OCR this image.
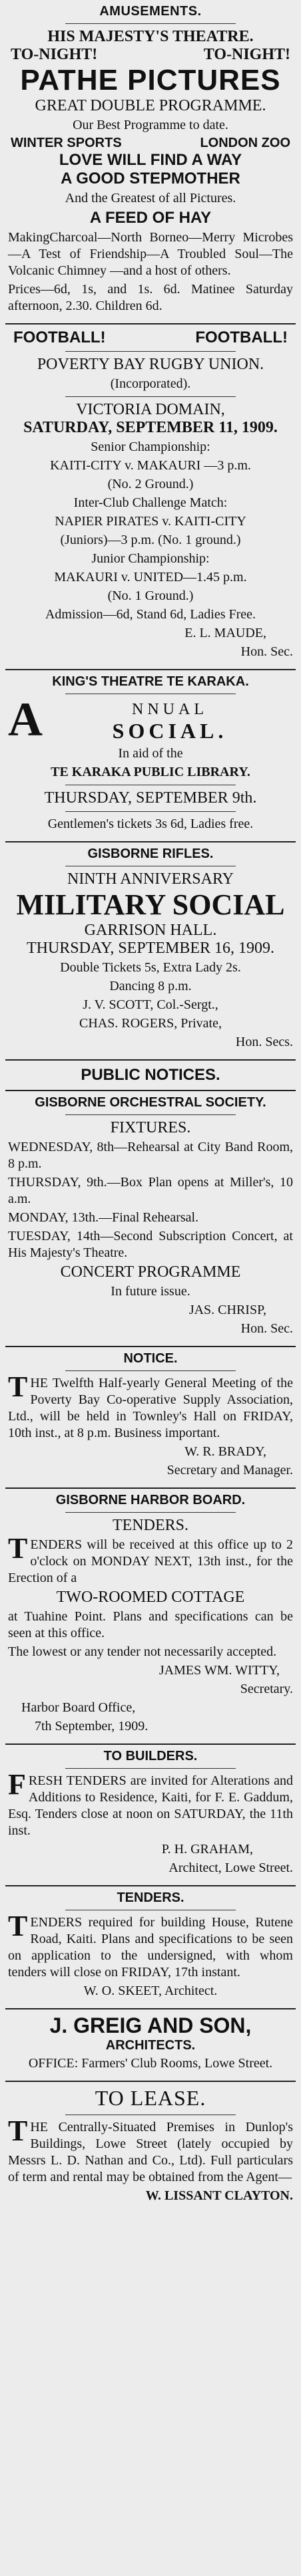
AMUSEMENTS.
HIS MAJESTY'S THEATRE.
TO-NIGHT!	TO-NIGHT!
PATHE PICTURES
GREAT DOUBLE PROGRAMME.
Our Best Programme to date.
WINTER SPORTS	LONDON ZOO
LOVE WILL FIND A WAY
A GOOD STEPMOTHER
And the Greatest of all Pictures.
A FEED OF HAY
MakingCharcoal—North Borneo—Merry Microbes—A Test of Friendship—A Troubled Soul—The Volcanic Chimney —and a host of others.
Prices—6d, 1s, and 1s. 6d. Matinee Saturday afternoon, 2.30. Children 6d.
FOOTBALL!	FOOTBALL!
POVERTY BAY RUGBY UNION.
(Incorporated).
VICTORIA DOMAIN,
SATURDAY, SEPTEMBER 11, 1909.
Senior Championship:
KAITI-CITY v. MAKAURI —3 p.m.
(No. 2 Ground.)
Inter-Club Challenge Match:
NAPIER PIRATES v. KAITI-CITY
(Juniors)—3 p.m. (No. 1 ground.)
Junior Championship:
MAKAURI v. UNITED—1.45 p.m.
(No. 1 Ground.)
Admission—6d, Stand 6d, Ladies Free.
E. L. MAUDE,
Hon. Sec.
KING'S THEATRE TE KARAKA.
A	NNUAL
SOCIAL.
In aid of the
TE KARAKA PUBLIC LIBRARY.
THURSDAY, SEPTEMBER 9th.
Gentlemen's tickets 3s 6d, Ladies free.
GISBORNE RIFLES.
NINTH ANNIVERSARY
MILITARY SOCIAL
GARRISON HALL.
THURSDAY, SEPTEMBER 16, 1909.
Double Tickets 5s, Extra Lady 2s.
Dancing 8 p.m.
J. V. SCOTT, Col.-Sergt.,
CHAS. ROGERS, Private,
Hon. Secs.
PUBLIC NOTICES.
GISBORNE ORCHESTRAL SOCIETY.
FIXTURES.
WEDNESDAY, 8th—Rehearsal at City Band Room, 8 p.m.
THURSDAY, 9th.—Box Plan opens at Miller's, 10 a.m.
MONDAY, 13th.—Final Rehearsal.
TUESDAY, 14th—Second Subscription Concert, at His Majesty's Theatre.
CONCERT PROGRAMME
In future issue.
JAS. CHRISP,
Hon. Sec.
NOTICE.
THE Twelfth Half-yearly General Meeting of the Poverty Bay Co-operative Supply Association, Ltd., will be held in Townley's Hall on FRIDAY, 10th inst., at 8 p.m. Business important.
W. R. BRADY,
Secretary and Manager.
GISBORNE HARBOR BOARD.
TENDERS.
TENDERS will be received at this office up to 2 o'clock on MONDAY NEXT, 13th inst., for the Erection of a
TWO-ROOMED COTTAGE
at Tuahine Point. Plans and specifications can be seen at this office.
The lowest or any tender not necessarily accepted.
JAMES WM. WITTY,
Secretary.
Harbor Board Office,
7th September, 1909.
TO BUILDERS.
FRESH TENDERS are invited for Alterations and Additions to Residence, Kaiti, for F. E. Gaddum, Esq. Tenders close at noon on SATURDAY, the 11th inst.
P. H. GRAHAM,
Architect, Lowe Street.
TENDERS.
TENDERS required for building House, Rutene Road, Kaiti. Plans and specifications to be seen on application to the undersigned, with whom tenders will close on FRIDAY, 17th instant.
W. O. SKEET, Architect.
J. GREIG AND SON,
ARCHITECTS.
OFFICE: Farmers' Club Rooms, Lowe Street.
TO LEASE.
THE Centrally-Situated Premises in Dunlop's Buildings, Lowe Street (lately occupied by Messrs L. D. Nathan and Co., Ltd). Full particulars of term and rental may be obtained from the Agent—
W. LISSANT CLAYTON.
